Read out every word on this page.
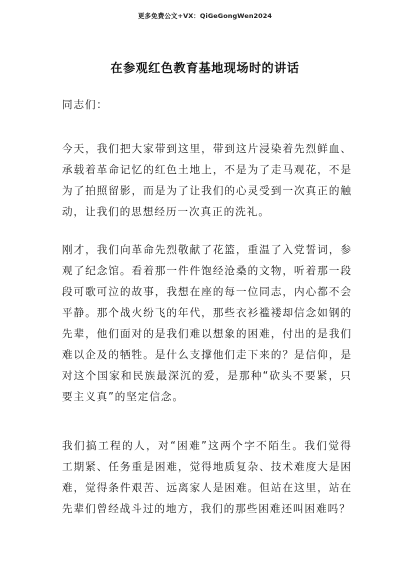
更多免费公文+VX：QiGeGongWen2024
在参观红色教育基地现场时的讲话
同志们：

今天，我们把大家带到这里，带到这片浸染着先烈鲜血、承载着革命记忆的红色土地上，不是为了走马观花，不是为了拍照留影，而是为了让我们的心灵受到一次真正的触动，让我们的思想经历一次真正的洗礼。

刚才，我们向革命先烈敬献了花篮，重温了入党誓词，参观了纪念馆。看着那一件件饱经沧桑的文物，听着那一段段可歌可泣的故事，我想在座的每一位同志，内心都不会平静。那个战火纷飞的年代，那些衣衫褴褛却信念如钢的先辈，他们面对的是我们难以想象的困难，付出的是我们难以企及的牺牲。是什么支撑他们走下来的？是信仰，是对这个国家和民族最深沉的爱，是那种“砍头不要紧，只要主义真”的坚定信念。

我们搞工程的人，对“困难”这两个字不陌生。我们觉得工期紧、任务重是困难，觉得地质复杂、技术难度大是困难，觉得条件艰苦、远离家人是困难。但站在这里，站在先辈们曾经战斗过的地方，我们的那些困难还叫困难吗？
